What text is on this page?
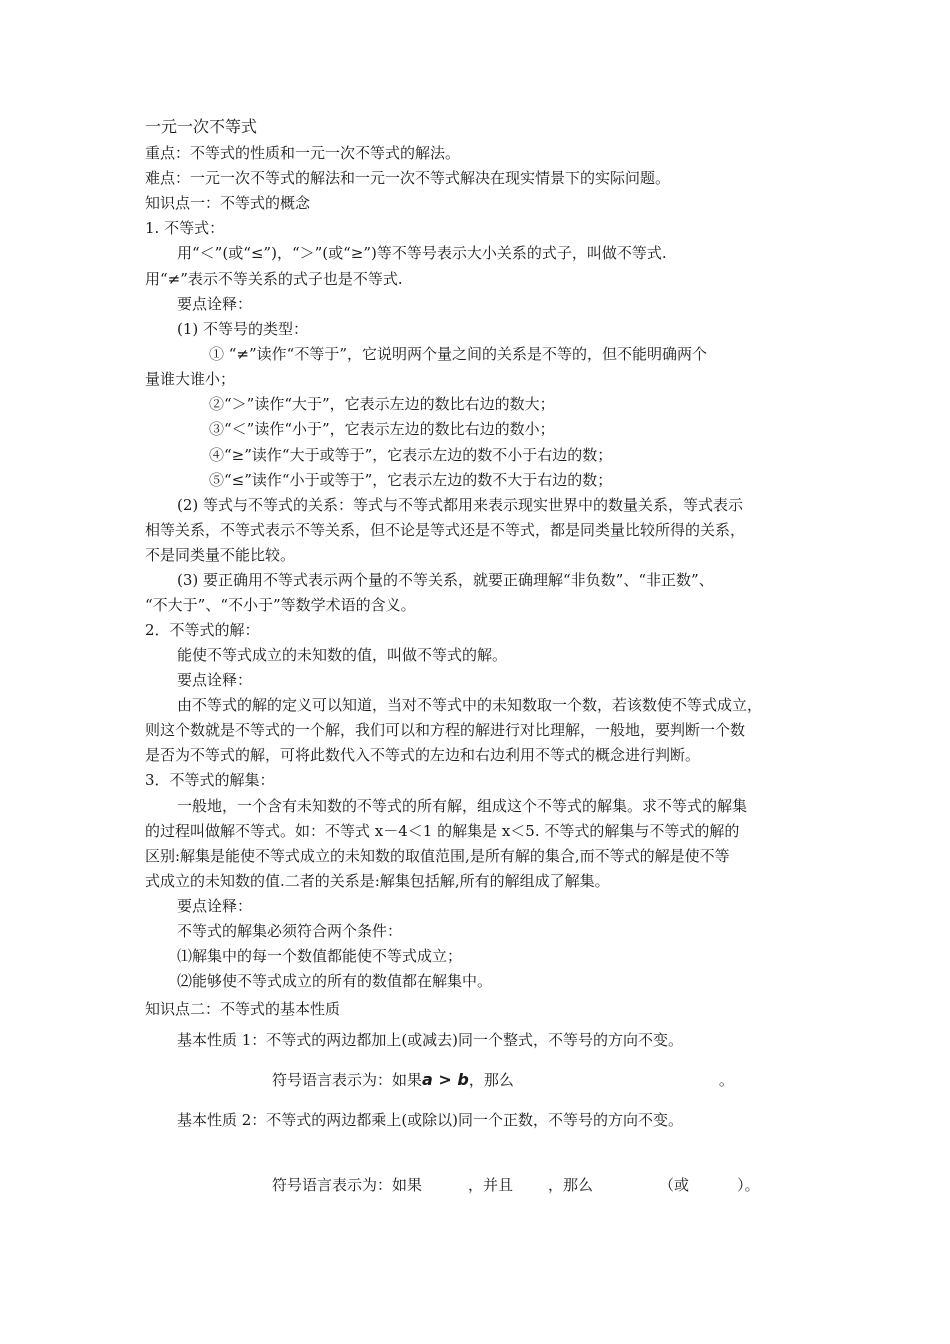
一元一次不等式
重点：不等式的性质和一元一次不等式的解法。
难点：一元一次不等式的解法和一元一次不等式解决在现实情景下的实际问题。
知识点一：不等式的概念
1. 不等式：
用“＜”(或“≤”)，“＞”(或“≥”)等不等号表示大小关系的式子，叫做不等式.
用“≠”表示不等关系的式子也是不等式.
要点诠释：
(1) 不等号的类型：
① “≠”读作“不等于”，它说明两个量之间的关系是不等的，但不能明确两个
量谁大谁小；
②“＞”读作“大于”，它表示左边的数比右边的数大；
③“＜”读作“小于”，它表示左边的数比右边的数小；
④“≥”读作“大于或等于”，它表示左边的数不小于右边的数；
⑤“≤”读作“小于或等于”，它表示左边的数不大于右边的数；
(2) 等式与不等式的关系：等式与不等式都用来表示现实世界中的数量关系，等式表示
相等关系，不等式表示不等关系，但不论是等式还是不等式，都是同类量比较所得的关系，
不是同类量不能比较。
(3) 要正确用不等式表示两个量的不等关系，就要正确理解“非负数”、“非正数”、
“不大于”、“不小于”等数学术语的含义。
2．不等式的解：
能使不等式成立的未知数的值，叫做不等式的解。
要点诠释：
由不等式的解的定义可以知道，当对不等式中的未知数取一个数，若该数使不等式成立，
则这个数就是不等式的一个解，我们可以和方程的解进行对比理解，一般地，要判断一个数
是否为不等式的解，可将此数代入不等式的左边和右边利用不等式的概念进行判断。
3．不等式的解集：
一般地，一个含有未知数的不等式的所有解，组成这个不等式的解集。求不等式的解集
的过程叫做解不等式。如：不等式 x－4＜1 的解集是 x＜5. 不等式的解集与不等式的解的
区别:解集是能使不等式成立的未知数的取值范围,是所有解的集合,而不等式的解是使不等
式成立的未知数的值.二者的关系是:解集包括解,所有的解组成了解集。
要点诠释：
不等式的解集必须符合两个条件：
⑴解集中的每一个数值都能使不等式成立；
⑵能够使不等式成立的所有的数值都在解集中。
知识点二：不等式的基本性质
基本性质 1：不等式的两边都加上(或减去)同一个整式，不等号的方向不变。
符号语言表示为：如果a > b，那么	。
基本性质 2：不等式的两边都乘上(或除以)同一个正数，不等号的方向不变。
符号语言表示为：如果	，并且 ，那么	（或	）。
